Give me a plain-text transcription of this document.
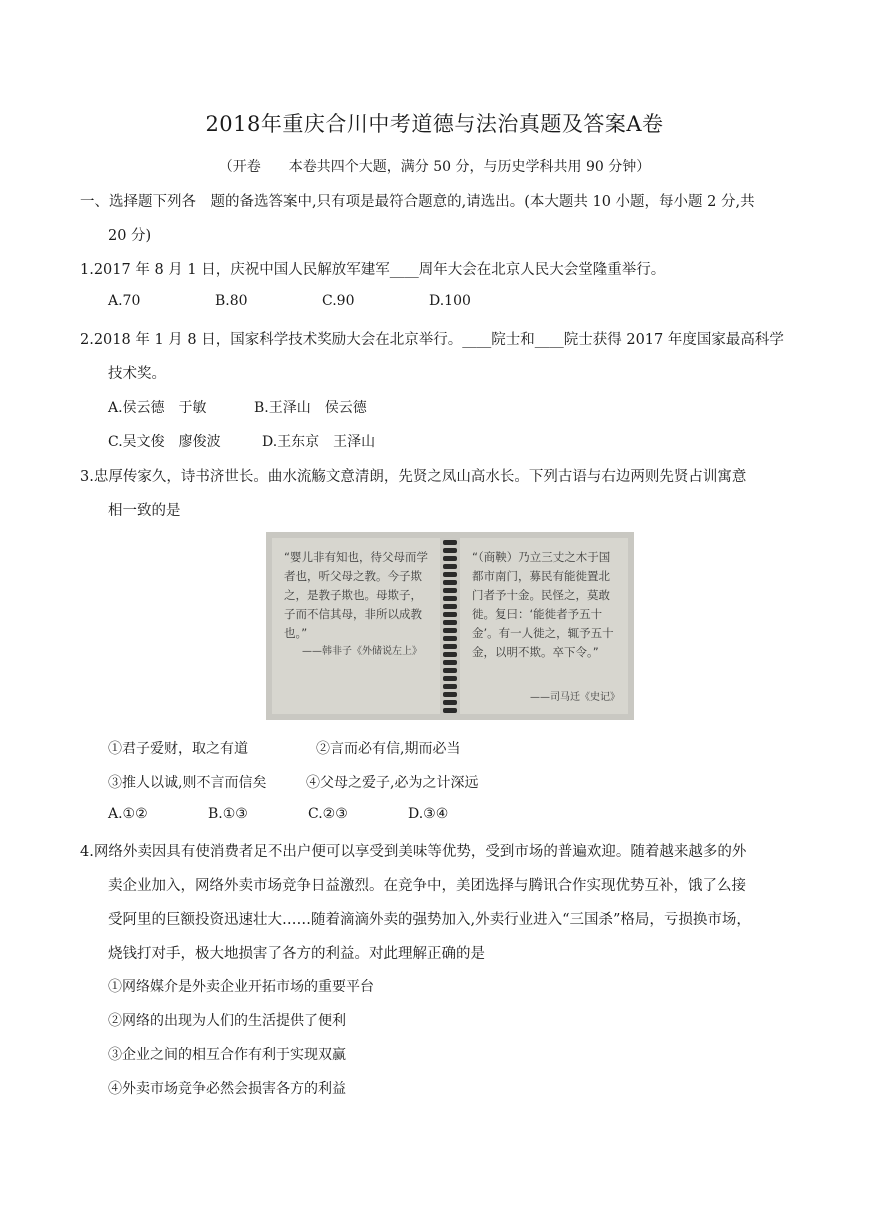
2018年重庆合川中考道德与法治真题及答案A卷
（开卷　　本卷共四个大题，满分 50 分，与历史学科共用 90 分钟）
一、选择题下列各　题的备选答案中,只有项是最符合题意的,请选出。(本大题共 10 小题，每小题 2 分,共
20 分)
1.2017 年 8 月 1 日，庆祝中国人民解放军建军____周年大会在北京人民大会堂隆重举行。
A.70	B.80	C.90	D.100
2.2018 年 1 月 8 日，国家科学技术奖励大会在北京举行。____院士和____院士获得 2017 年度国家最高科学
技术奖。
A.侯云德　于敏	B.王泽山　侯云德
C.吴文俊　廖俊波	D.王东京　王泽山
3.忠厚传家久，诗书济世长。曲水流觞文意清朗，先贤之凤山高水长。下列古语与右边两则先贤占训寓意
相一致的是
“婴儿非有知也，待父母而学者也，听父母之教。今子欺之，是教子欺也。母欺子，子而不信其母，非所以成教也。”
——韩非子《外储说左上》
“（商鞅）乃立三丈之木于国都市南门，募民有能徙置北门者予十金。民怪之，莫敢徙。复曰：‘能徙者予五十金’。有一人徙之，辄予五十金，以明不欺。卒下令。”
——司马迁《史记》
①君子爱财，取之有道	②言而必有信,期而必当
③推人以诚,则不言而信矣	④父母之爱子,必为之计深远
A.①②	B.①③	C.②③	D.③④
4.网络外卖因具有使消费者足不出户便可以享受到美味等优势，受到市场的普遍欢迎。随着越来越多的外
卖企业加入，网络外卖市场竞争日益激烈。在竞争中，美团选择与腾讯合作实现优势互补，饿了么接
受阿里的巨额投资迅速壮大……随着滴滴外卖的强势加入,外卖行业进入“三国杀”格局，亏损换市场，
烧钱打对手，极大地损害了各方的利益。对此理解正确的是
①网络媒介是外卖企业开拓市场的重要平台
②网络的出现为人们的生活提供了便利
③企业之间的相互合作有利于实现双赢
④外卖市场竞争必然会损害各方的利益
